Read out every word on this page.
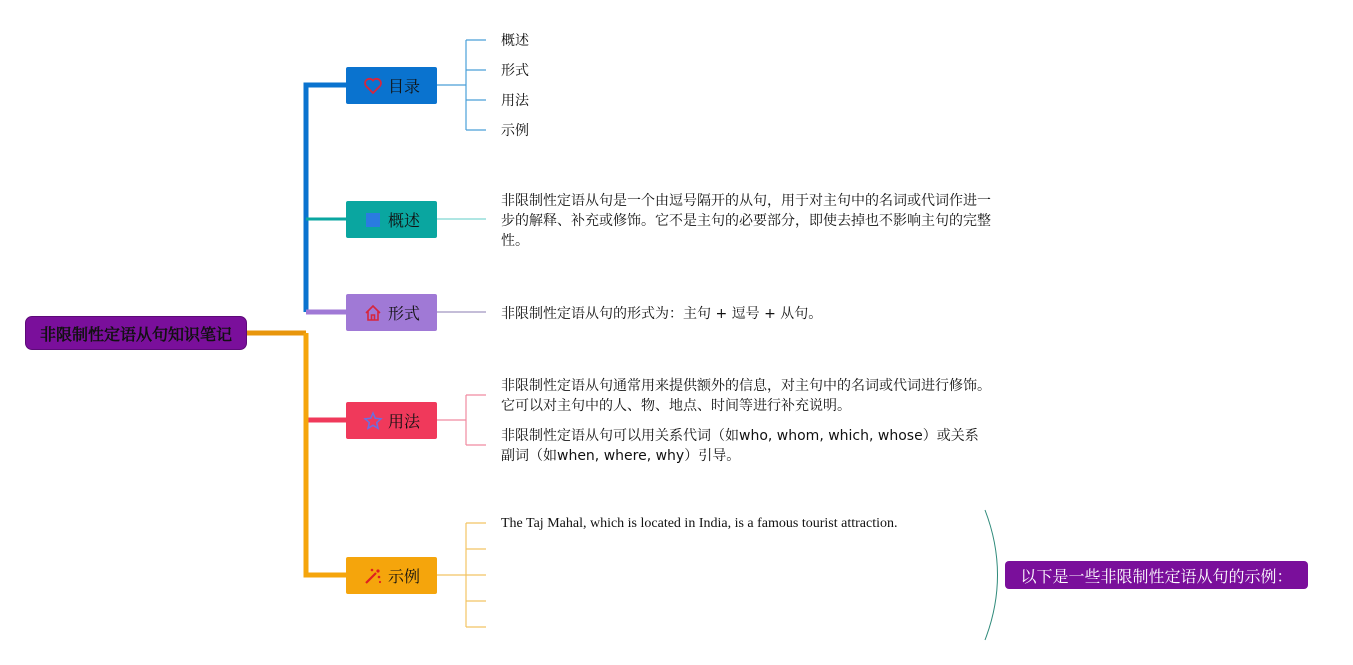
非限制性定语从句知识笔记
目录
概述
形式
用法
示例
概述
形式
用法
示例
非限制性定语从句是一个由逗号隔开的从句，用于对主句中的名词或代词作进一步的解释、补充或修饰。它不是主句的必要部分，即使去掉也不影响主句的完整性。
非限制性定语从句的形式为：主句 + 逗号 + 从句。
非限制性定语从句通常用来提供额外的信息，对主句中的名词或代词进行修饰。它可以对主句中的人、物、地点、时间等进行补充说明。
非限制性定语从句可以用关系代词（如who, whom, which, whose）或关系副词（如when, where, why）引导。
The Taj Mahal, which is located in India, is a famous tourist attraction.
以下是一些非限制性定语从句的示例：
